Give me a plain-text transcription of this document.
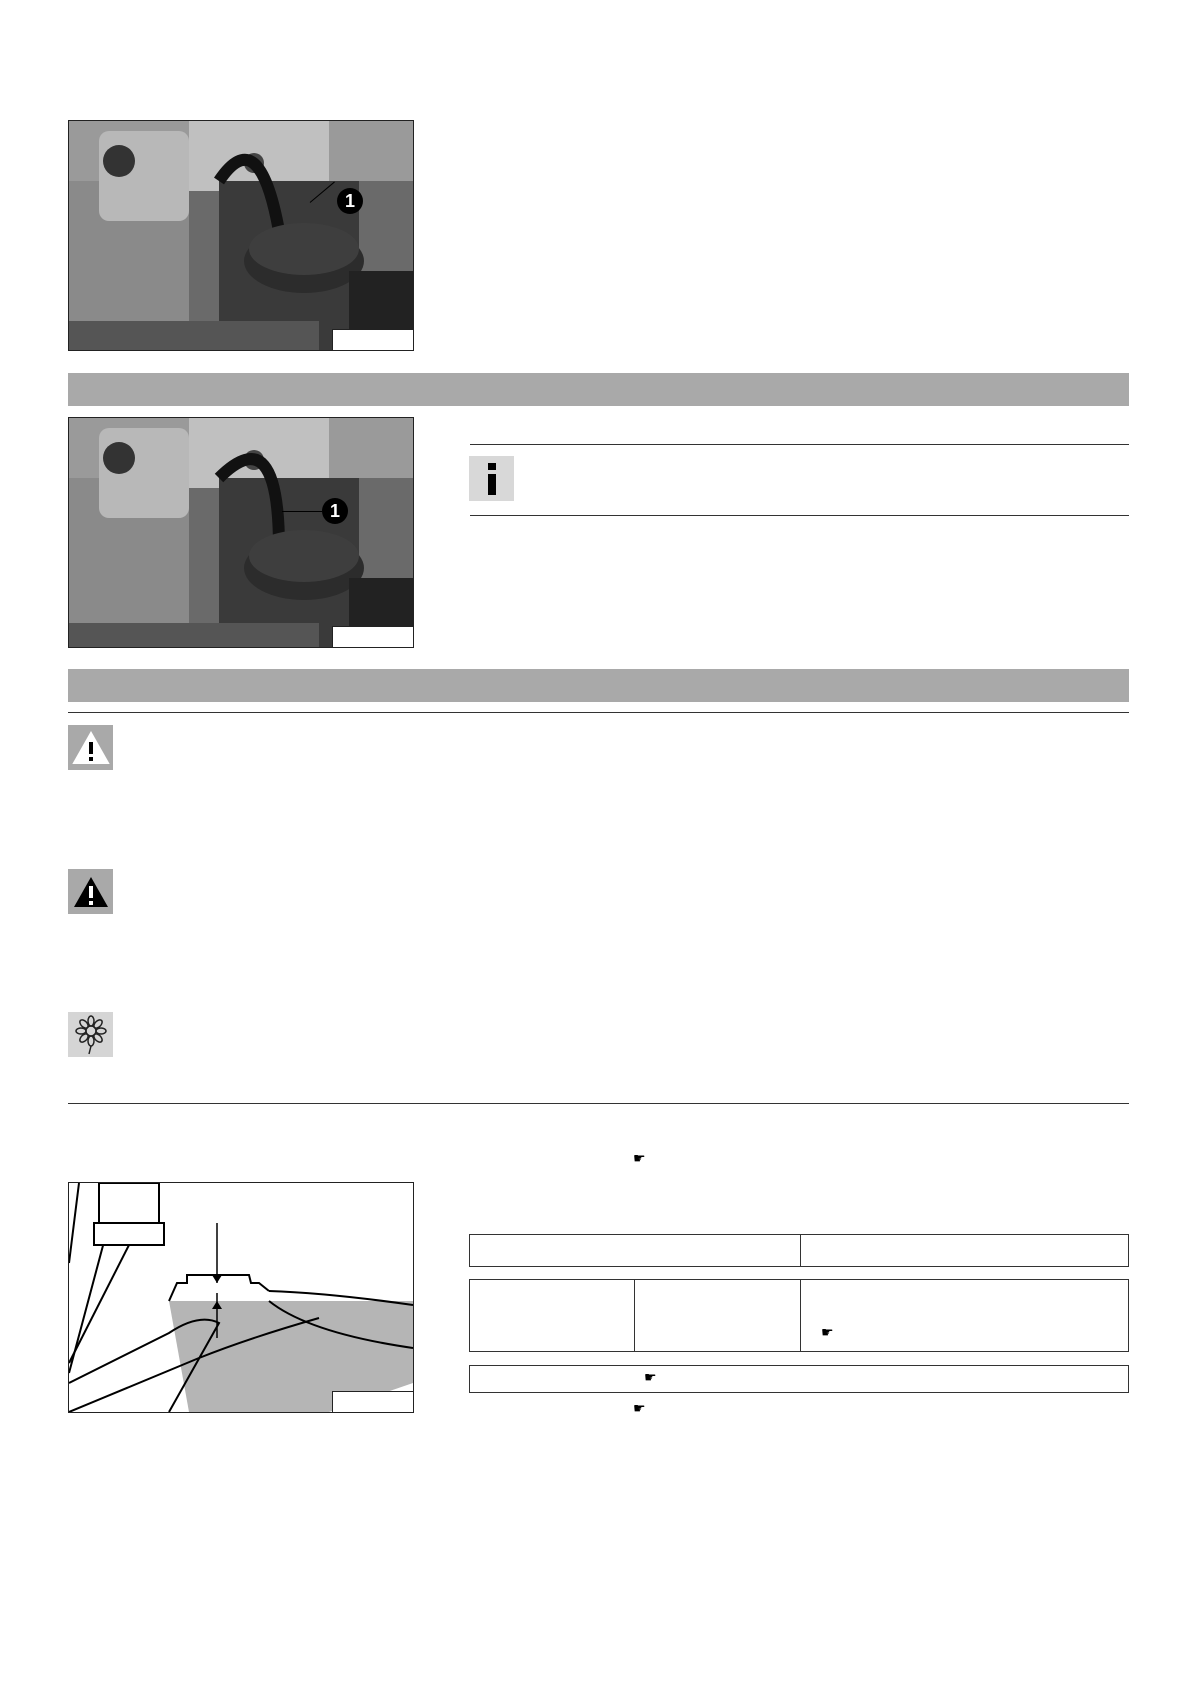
1
1
☛
☛
☛
☛
